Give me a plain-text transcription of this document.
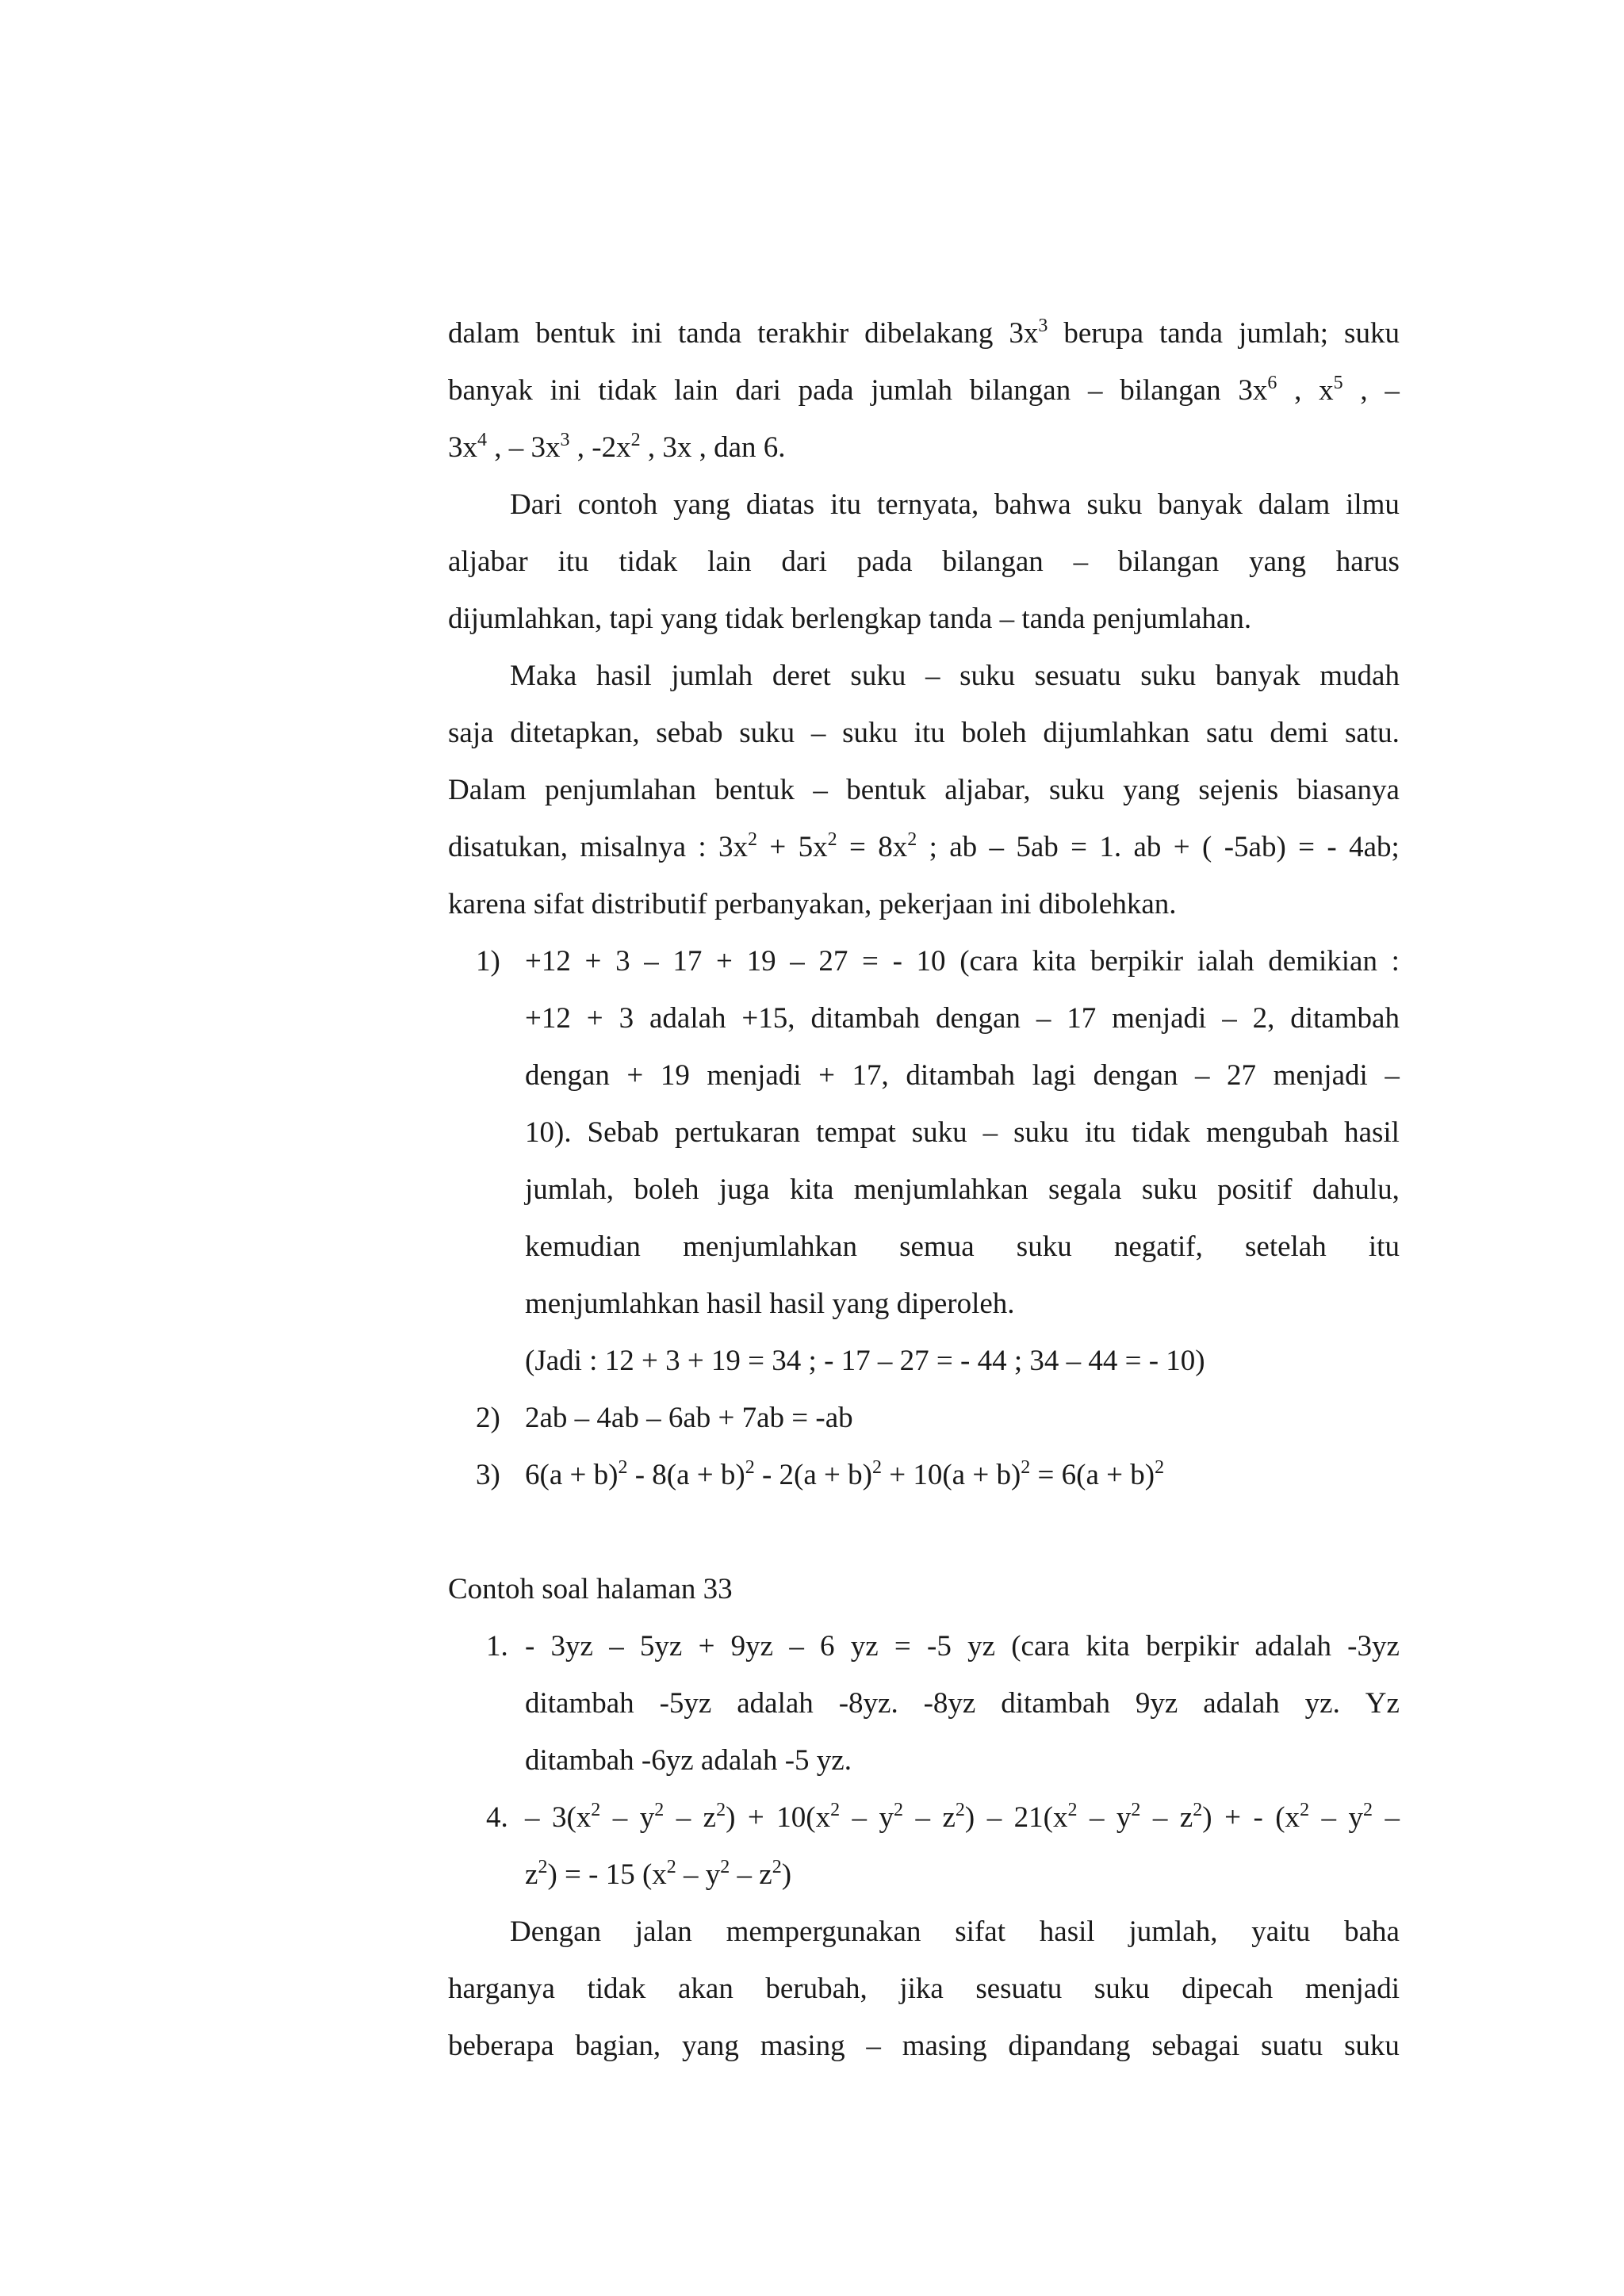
dalam bentuk ini tanda terakhir dibelakang $3x^3$ berupa tanda jumlah; suku
banyak ini tidak lain dari pada jumlah bilangan – bilangan $3x^6$ , $x^5$ , –
$3x^4$ , – $3x^3$ , $-2x^2$ , 3x , dan 6.
Dari contoh yang diatas itu ternyata, bahwa suku banyak dalam ilmu
aljabar itu tidak lain dari pada bilangan – bilangan yang harus
dijumlahkan, tapi yang tidak berlengkap tanda – tanda penjumlahan.
Maka hasil jumlah deret suku – suku sesuatu suku banyak mudah
saja ditetapkan, sebab suku – suku itu boleh dijumlahkan satu demi satu.
Dalam penjumlahan bentuk – bentuk aljabar, suku yang sejenis biasanya
disatukan, misalnya : $3x^2 + 5x^2 = 8x^2$ ; ab – 5ab = 1. ab + ( -5ab) = - 4ab;
karena sifat distributif perbanyakan, pekerjaan ini dibolehkan.
1) +12 + 3 – 17 + 19 – 27 = - 10 (cara kita berpikir ialah demikian :
+12 + 3 adalah +15, ditambah dengan – 17 menjadi – 2, ditambah
dengan + 19 menjadi + 17, ditambah lagi dengan – 27 menjadi –
10). Sebab pertukaran tempat suku – suku itu tidak mengubah hasil
jumlah, boleh juga kita menjumlahkan segala suku positif dahulu,
kemudian menjumlahkan semua suku negatif, setelah itu
menjumlahkan hasil hasil yang diperoleh.
(Jadi : 12 + 3 + 19 = 34 ; - 17 – 27 = - 44 ; 34 – 44 = - 10)
2) 2ab – 4ab – 6ab + 7ab = -ab
3) $6(a + b)^2 - 8(a + b)^2 - 2(a + b)^2 + 10(a + b)^2 = 6(a + b)^2$
Contoh soal halaman 33
1. - 3yz – 5yz + 9yz – 6 yz = -5 yz (cara kita berpikir adalah -3yz
ditambah -5yz adalah -8yz. -8yz ditambah 9yz adalah yz. Yz
ditambah -6yz adalah -5 yz.
4. – $3(x^2 - y^2 - z^2) + 10(x^2 - y^2 - z^2) - 21(x^2 - y^2 - z^2)$ + - ($x^2 - y^2$ –
$z^2$) = - 15 $(x^2 - y^2 - z^2)$
Dengan jalan mempergunakan sifat hasil jumlah, yaitu baha
harganya tidak akan berubah, jika sesuatu suku dipecah menjadi
beberapa bagian, yang masing – masing dipandang sebagai suatu suku
